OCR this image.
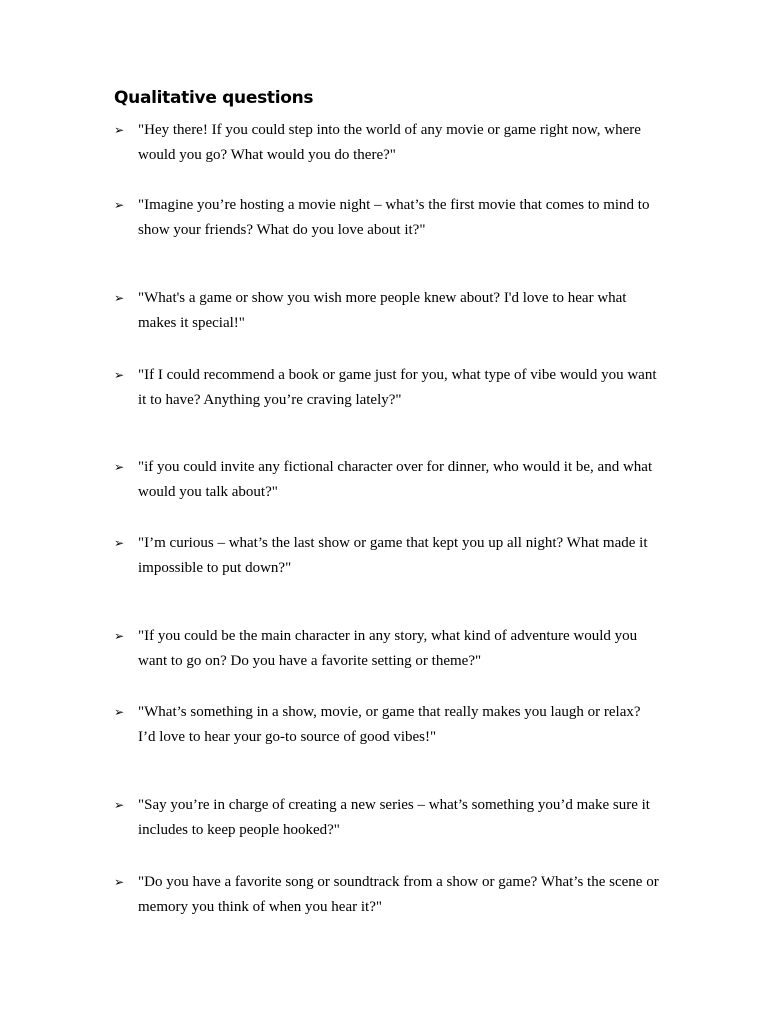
Qualitative questions
➢ "Hey there! If you could step into the world of any movie or game right now, where
would you go? What would you do there?"
➢ "Imagine you’re hosting a movie night – what’s the first movie that comes to mind to
show your friends? What do you love about it?"
➢ "What's a game or show you wish more people knew about? I'd love to hear what
makes it special!"
➢ "If I could recommend a book or game just for you, what type of vibe would you want
it to have? Anything you’re craving lately?"
➢ "if you could invite any fictional character over for dinner, who would it be, and what
would you talk about?"
➢ "I’m curious – what’s the last show or game that kept you up all night? What made it
impossible to put down?"
➢ "If you could be the main character in any story, what kind of adventure would you
want to go on? Do you have a favorite setting or theme?"
➢ "What’s something in a show, movie, or game that really makes you laugh or relax?
I’d love to hear your go-to source of good vibes!"
➢ "Say you’re in charge of creating a new series – what’s something you’d make sure it
includes to keep people hooked?"
➢ "Do you have a favorite song or soundtrack from a show or game? What’s the scene or
memory you think of when you hear it?"
